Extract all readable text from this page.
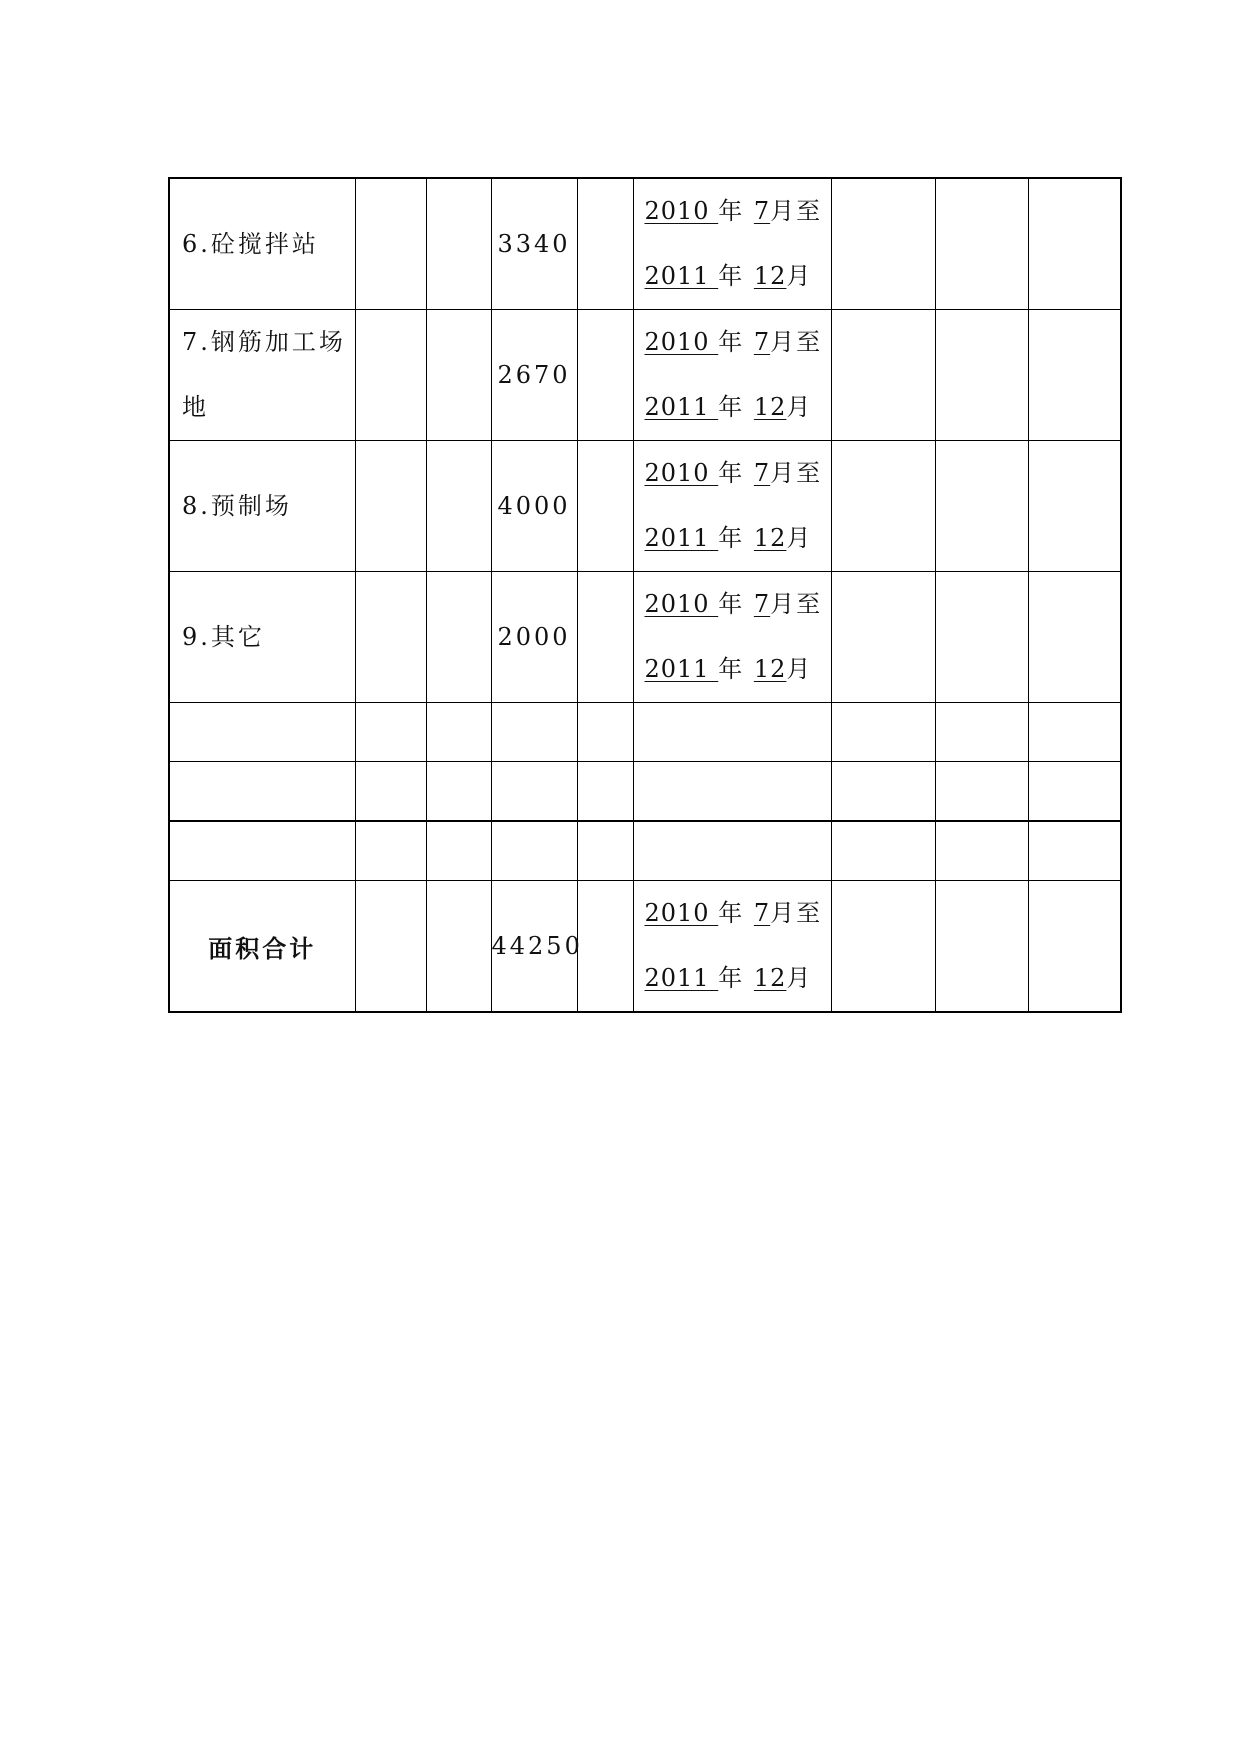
6.砼搅拌站			3340		2010 年 7月至
2011 年 12月			

7.钢筋加工场地			2670		2010 年 7月至
2011 年 12月			

8.预制场			4000		2010 年 7月至
2011 年 12月			

9.其它			2000		2010 年 7月至
2011 年 12月			

面积合计			44250		2010 年 7月至
2011 年 12月			
